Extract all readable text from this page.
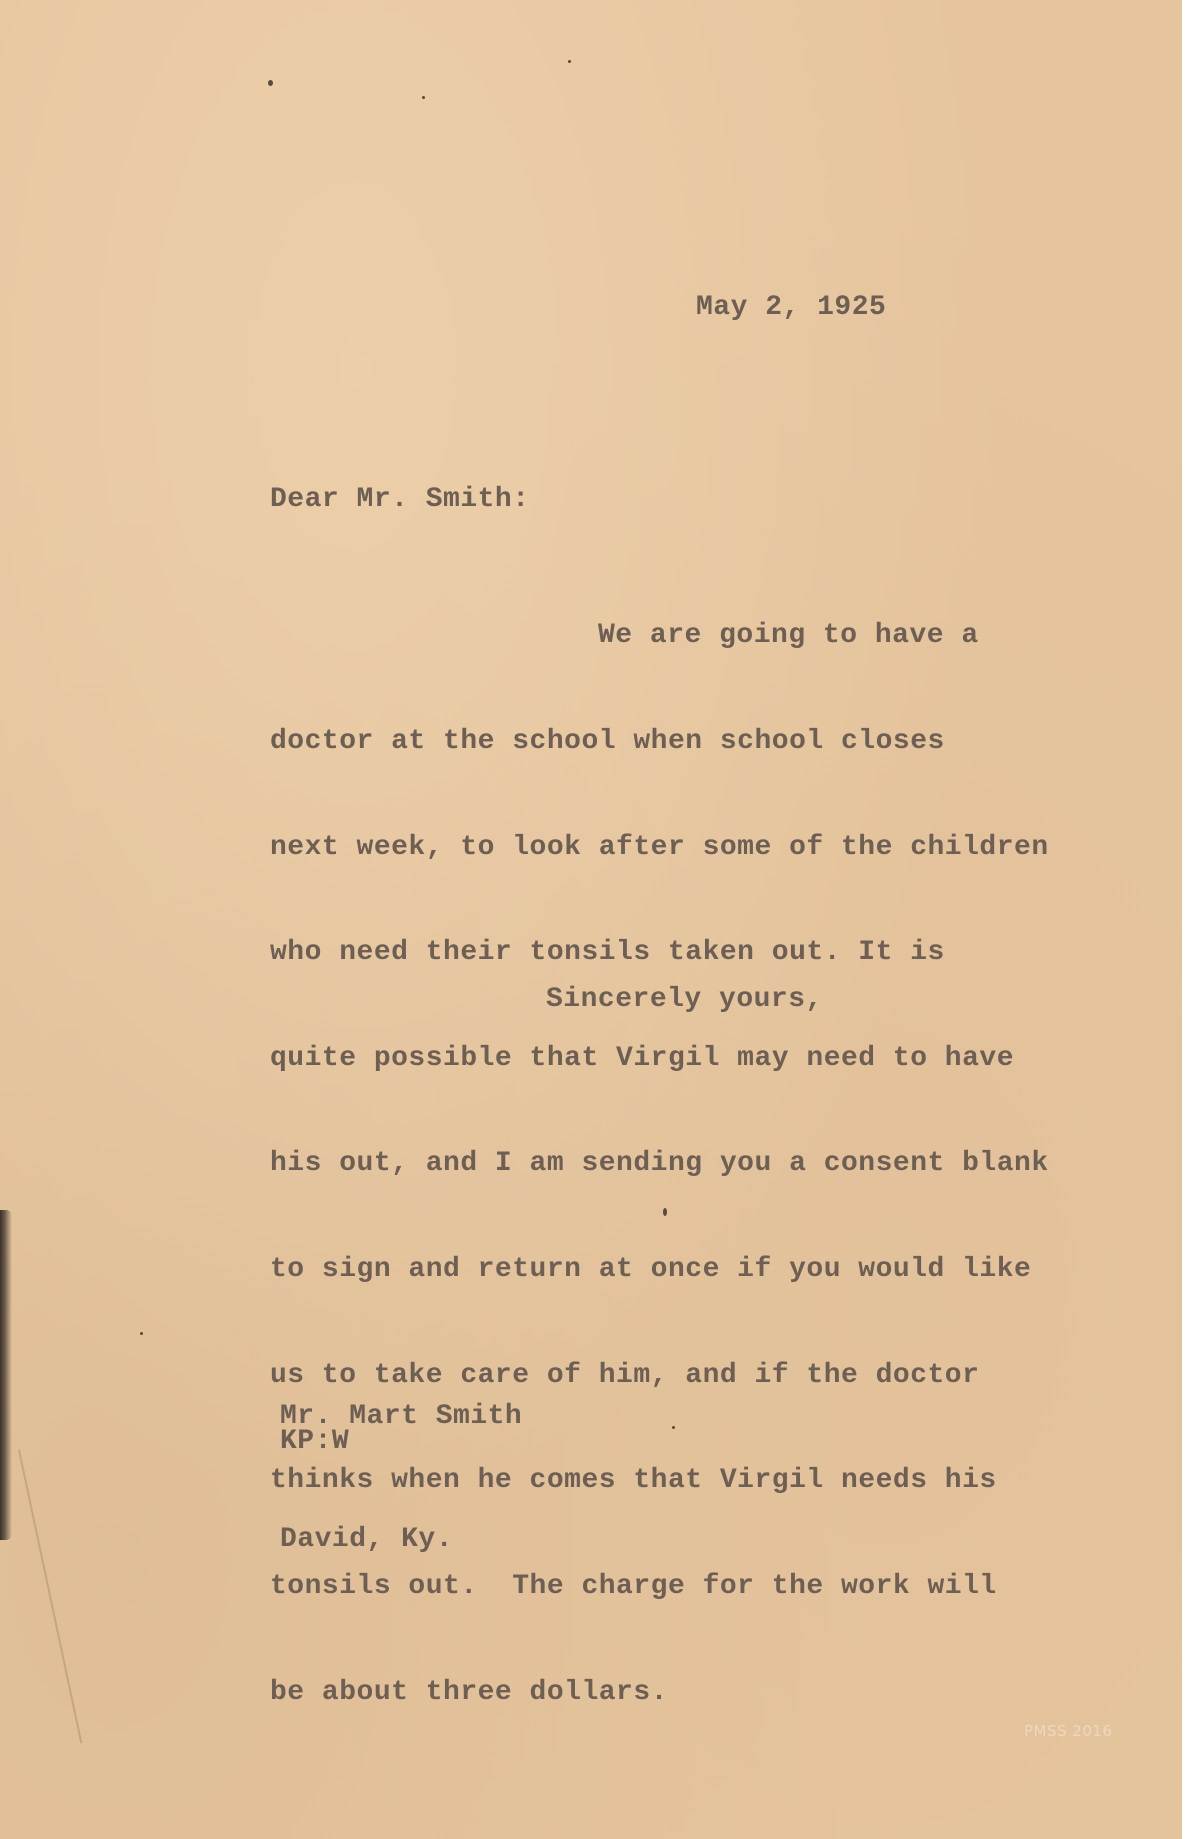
May 2, 1925

Dear Mr. Smith:

We are going to have a

doctor at the school when school closes

next week, to look after some of the children

who need their tonsils taken out. It is

quite possible that Virgil may need to have

his out, and I am sending you a consent blank

to sign and return at once if you would like

us to take care of him, and if the doctor

thinks when he comes that Virgil needs his

tonsils out.  The charge for the work will

be about three dollars.

Sincerely yours,

Mr. Mart Smith

David, Ky.

KP:W

PMSS 2016
